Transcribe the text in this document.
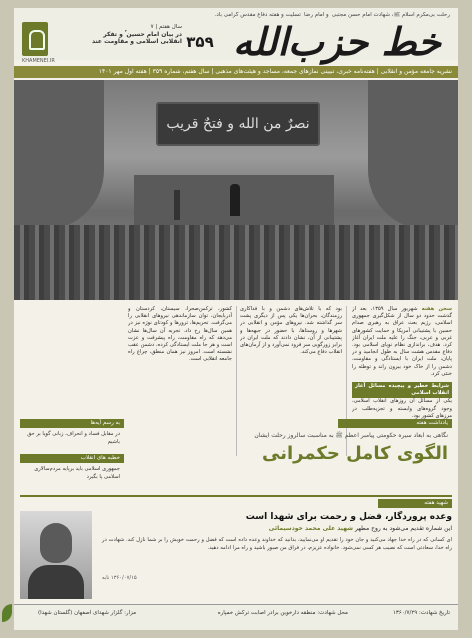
رحلت بی‌مکرم اسلام ﷺ، شهادت امام حسن مجتبی ؑ و امام رضا ؑ تسلیت و هفته دفاع مقدس گرامی باد.
خط حزب‌الله
۳۵۹
سال هفتم | ۷

در بیان امام حسین ؑ و تفکر
انقلابی اسلامی و مقاومت عند
KHAMENEI.IR
نشریه جامعه مؤمن و انقلابی | هفته‌نامه خبری، تبیینی نمازهای جمعه، مساجد و هیئت‌های مذهبی | سال هفتم، شماره ۳۵۹ | هفته اول مهر ۱۴۰۱
نصرٌ من الله و فتحٌ قریب
سخن هفته شهریور سال ۱۳۵۹، بعد از گذشت حدود دو سال از شکل‌گیری جمهوری اسلامی، رژیم بعث عراق به رهبری صدام حسین با پشتیبانی آمریکا و حمایت کشورهای غربی و عربی، جنگ را علیه ملت ایران آغاز کرد. هدف، براندازی نظام نوپای اسلامی بود. دفاع مقدس هشت سال به طول انجامید و در پایان، ملت ایران با ایستادگی و مقاومت، دشمن را از خاک خود بیرون راند و توطئه را خنثی کرد.
شرایط خطیر و پیچیده مسائل آغاز انقلاب اسلامی
یکی از مسائل آن روزهای انقلاب اسلامی، وجود گروه‌های وابسته و تجزیه‌طلب در مرزهای کشور بود.
بود که با تلاش‌های دشمن و با فداکاری رزمندگان، بحران‌ها یکی پس از دیگری پشت سر گذاشته شد. نیروهای مؤمن و انقلابی در شهرها و روستاها، با حضور در جبهه‌ها و پشتیبانی از آن، نشان دادند که ملت ایران در برابر زورگویی سر فرود نمی‌آورد و از آرمان‌های انقلاب دفاع می‌کند.
کشور، ترکمن‌صحرا، سیستان، کردستان و آذربایجان، توان سازماندهی نیروهای انقلابی را می‌گرفت. تحریم‌ها، ترورها و کودتای نوژه نیز در همین سال‌ها رخ داد. تجربه آن سال‌ها نشان می‌دهد که راه مقاومت، راه پیشرفت و عزت است و هر جا ملت ایستادگی کرده، دشمن عقب نشسته است. امروز نیز همان منطق، چراغ راه جامعه انقلابی است.
به رسم آیه‌ها
در مقابل فساد و انحراف، زبانی گویا بر حق باشیم
خطبه های انقلاب
جمهوری اسلامی باید برپایه مردم‌سالاری اسلامی پا بگیرد
یادداشت هفته
نگاهی به ابعاد سیره حکومتی پیامبر اعظم ﷺ به مناسبت سالروز رحلت ایشان
الگوی کامل حکمرانی
شهید هفته
وعده پروردگار، فضل و رحمت برای شهدا است
این شماره تقدیم می‌شود به روح مطهر شهید علی محمد خودسیمائی
ای کسانی که در راه خدا جهاد می‌کنید و جان خود را تقدیم او می‌نمایید، بدانید که خداوند وعده داده است که فضل و رحمت خویش را بر شما نازل کند. شهادت در راه خدا، سعادتی است که نصیب هر کسی نمی‌شود. خانواده عزیزم، در فراق من صبور باشید و راه مرا ادامه دهید.
۱۳۶۰/۰۷/۱۵ نابه
تاریخ شهادت: ۱۳۶۰/۷/۲۹
محل شهادت: منطقه دارخوین برادر اصابت ترکش خمپاره
مزار: گلزار شهدای اصفهان (گلستان شهدا)
